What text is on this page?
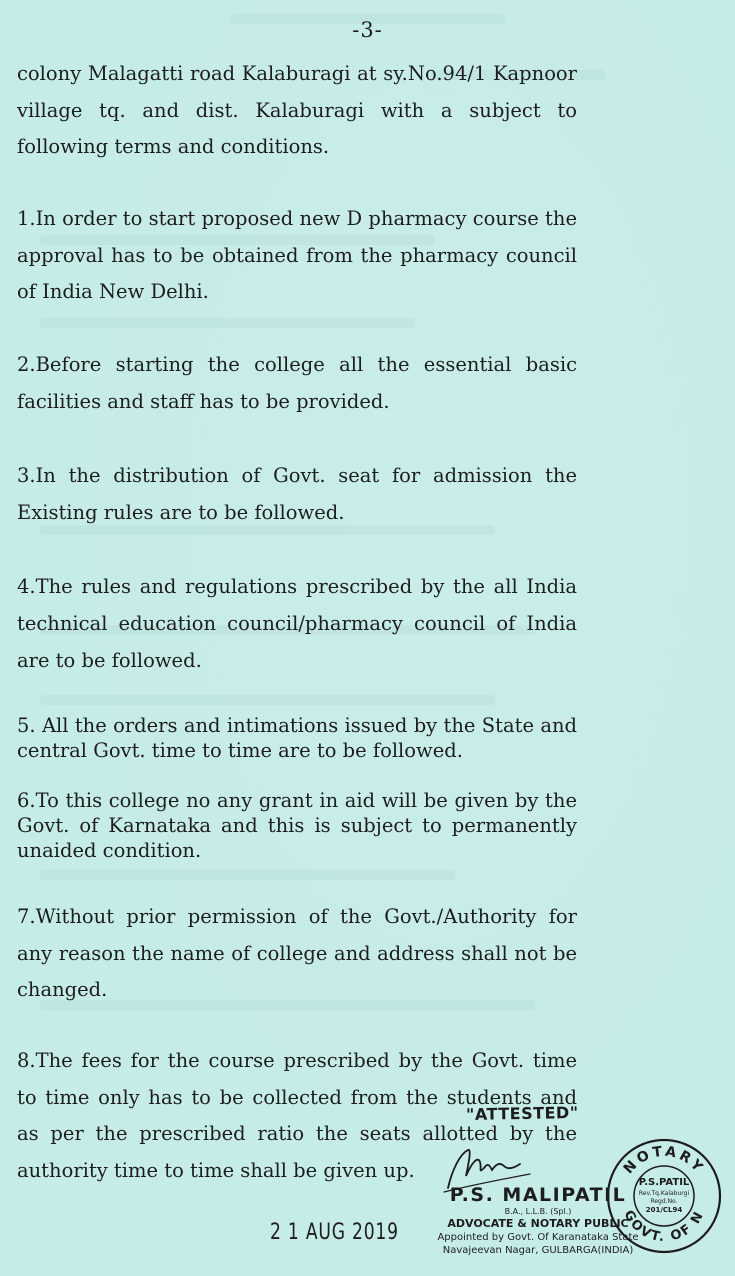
-3-

colony Malagatti road Kalaburagi at sy.No.94/1 Kapnoor village tq. and dist. Kalaburagi with a subject to following terms and conditions.

1.In order to start proposed new D pharmacy course the approval has to be obtained from the pharmacy council of India New Delhi.

2.Before starting the college all the essential basic facilities and staff has to be provided.

3.In the distribution of Govt. seat for admission the Existing rules are to be followed.

4.The rules and regulations prescribed by the all India technical education council/pharmacy council of India are to be followed.

5. All the orders and intimations issued by the State and central Govt. time to time are to be followed.

6.To this college no any grant in aid will be given by the Govt. of Karnataka and this is subject to permanently unaided condition.

7.Without prior permission of the Govt./Authority for any reason the name of college and address shall not be changed.

8.The fees for the course prescribed by the Govt. time to time only has to be collected from the students and as per the prescribed ratio the seats allotted by the authority time to time shall be given up.

"ATTESTED"
P.S. MALIPATIL
B.A., L.L.B. (Spl.)
ADVOCATE & NOTARY PUBLIC
Appointed by Govt. Of Karanataka State
Navajeevan Nagar, GULBARGA(INDIA)
2 1 AUG 2019
NOTARY
GOVT. OF N
P.S.PATIL
Rev.Tq.Kalaburgi
Regd.No.
201/CL94
